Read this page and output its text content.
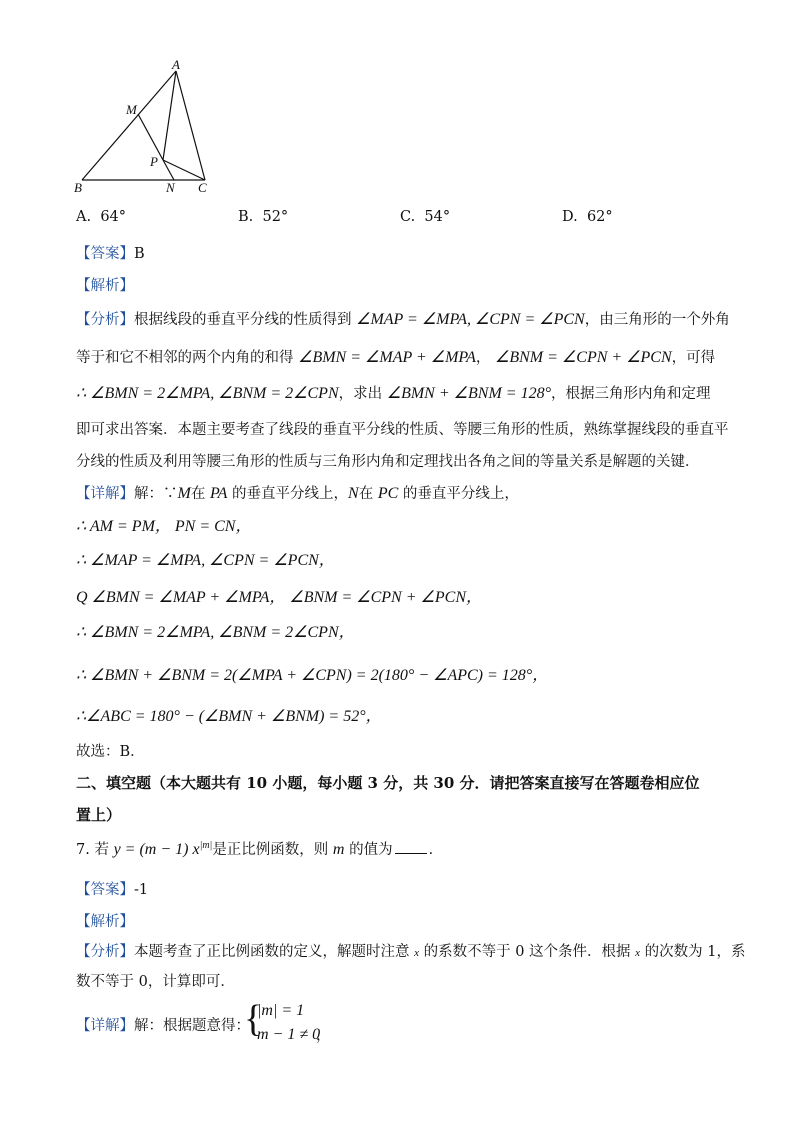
A
M
P
B	N C
A. 64°	B. 52°	C. 54°	D. 62°
【答案】B
【解析】
【分析】根据线段的垂直平分线的性质得到 ∠MAP = ∠MPA, ∠CPN = ∠PCN，由三角形的一个外角
等于和它不相邻的两个内角的和得 ∠BMN = ∠MAP + ∠MPA， ∠BNM = ∠CPN + ∠PCN，可得
∴ ∠BMN = 2∠MPA, ∠BNM = 2∠CPN，求出 ∠BMN + ∠BNM = 128°，根据三角形内角和定理
即可求出答案．本题主要考查了线段的垂直平分线的性质、等腰三角形的性质，熟练掌握线段的垂直平
分线的性质及利用等腰三角形的性质与三角形内角和定理找出各角之间的等量关系是解题的关键．
【详解】解：∵M在 PA 的垂直平分线上，N在 PC 的垂直平分线上，
∴ AM = PM， PN = CN，
∴ ∠MAP = ∠MPA, ∠CPN = ∠PCN，
Q ∠BMN = ∠MAP + ∠MPA， ∠BNM = ∠CPN + ∠PCN，
∴ ∠BMN = 2∠MPA, ∠BNM = 2∠CPN，
∴ ∠BMN + ∠BNM = 2(∠MPA + ∠CPN) = 2(180° − ∠APC) = 128°，
∴∠ABC = 180° − (∠BMN + ∠BNM) = 52°，
故选：B．
二、填空题（本大题共有 10 小题，每小题 3 分，共 30 分．请把答案直接写在答题卷相应位
置上）
7. 若 y = (m − 1) $x^{|m|}$是正比例函数，则 m 的值为 ．
【答案】-1
【解析】
【分析】本题考查了正比例函数的定义，解题时注意 x 的系数不等于 0 这个条件．根据 x 的次数为 1，系
数不等于 0，计算即可．
【详解】解：根据题意得：
{
|m| = 1
m − 1 ≠ 0
，
